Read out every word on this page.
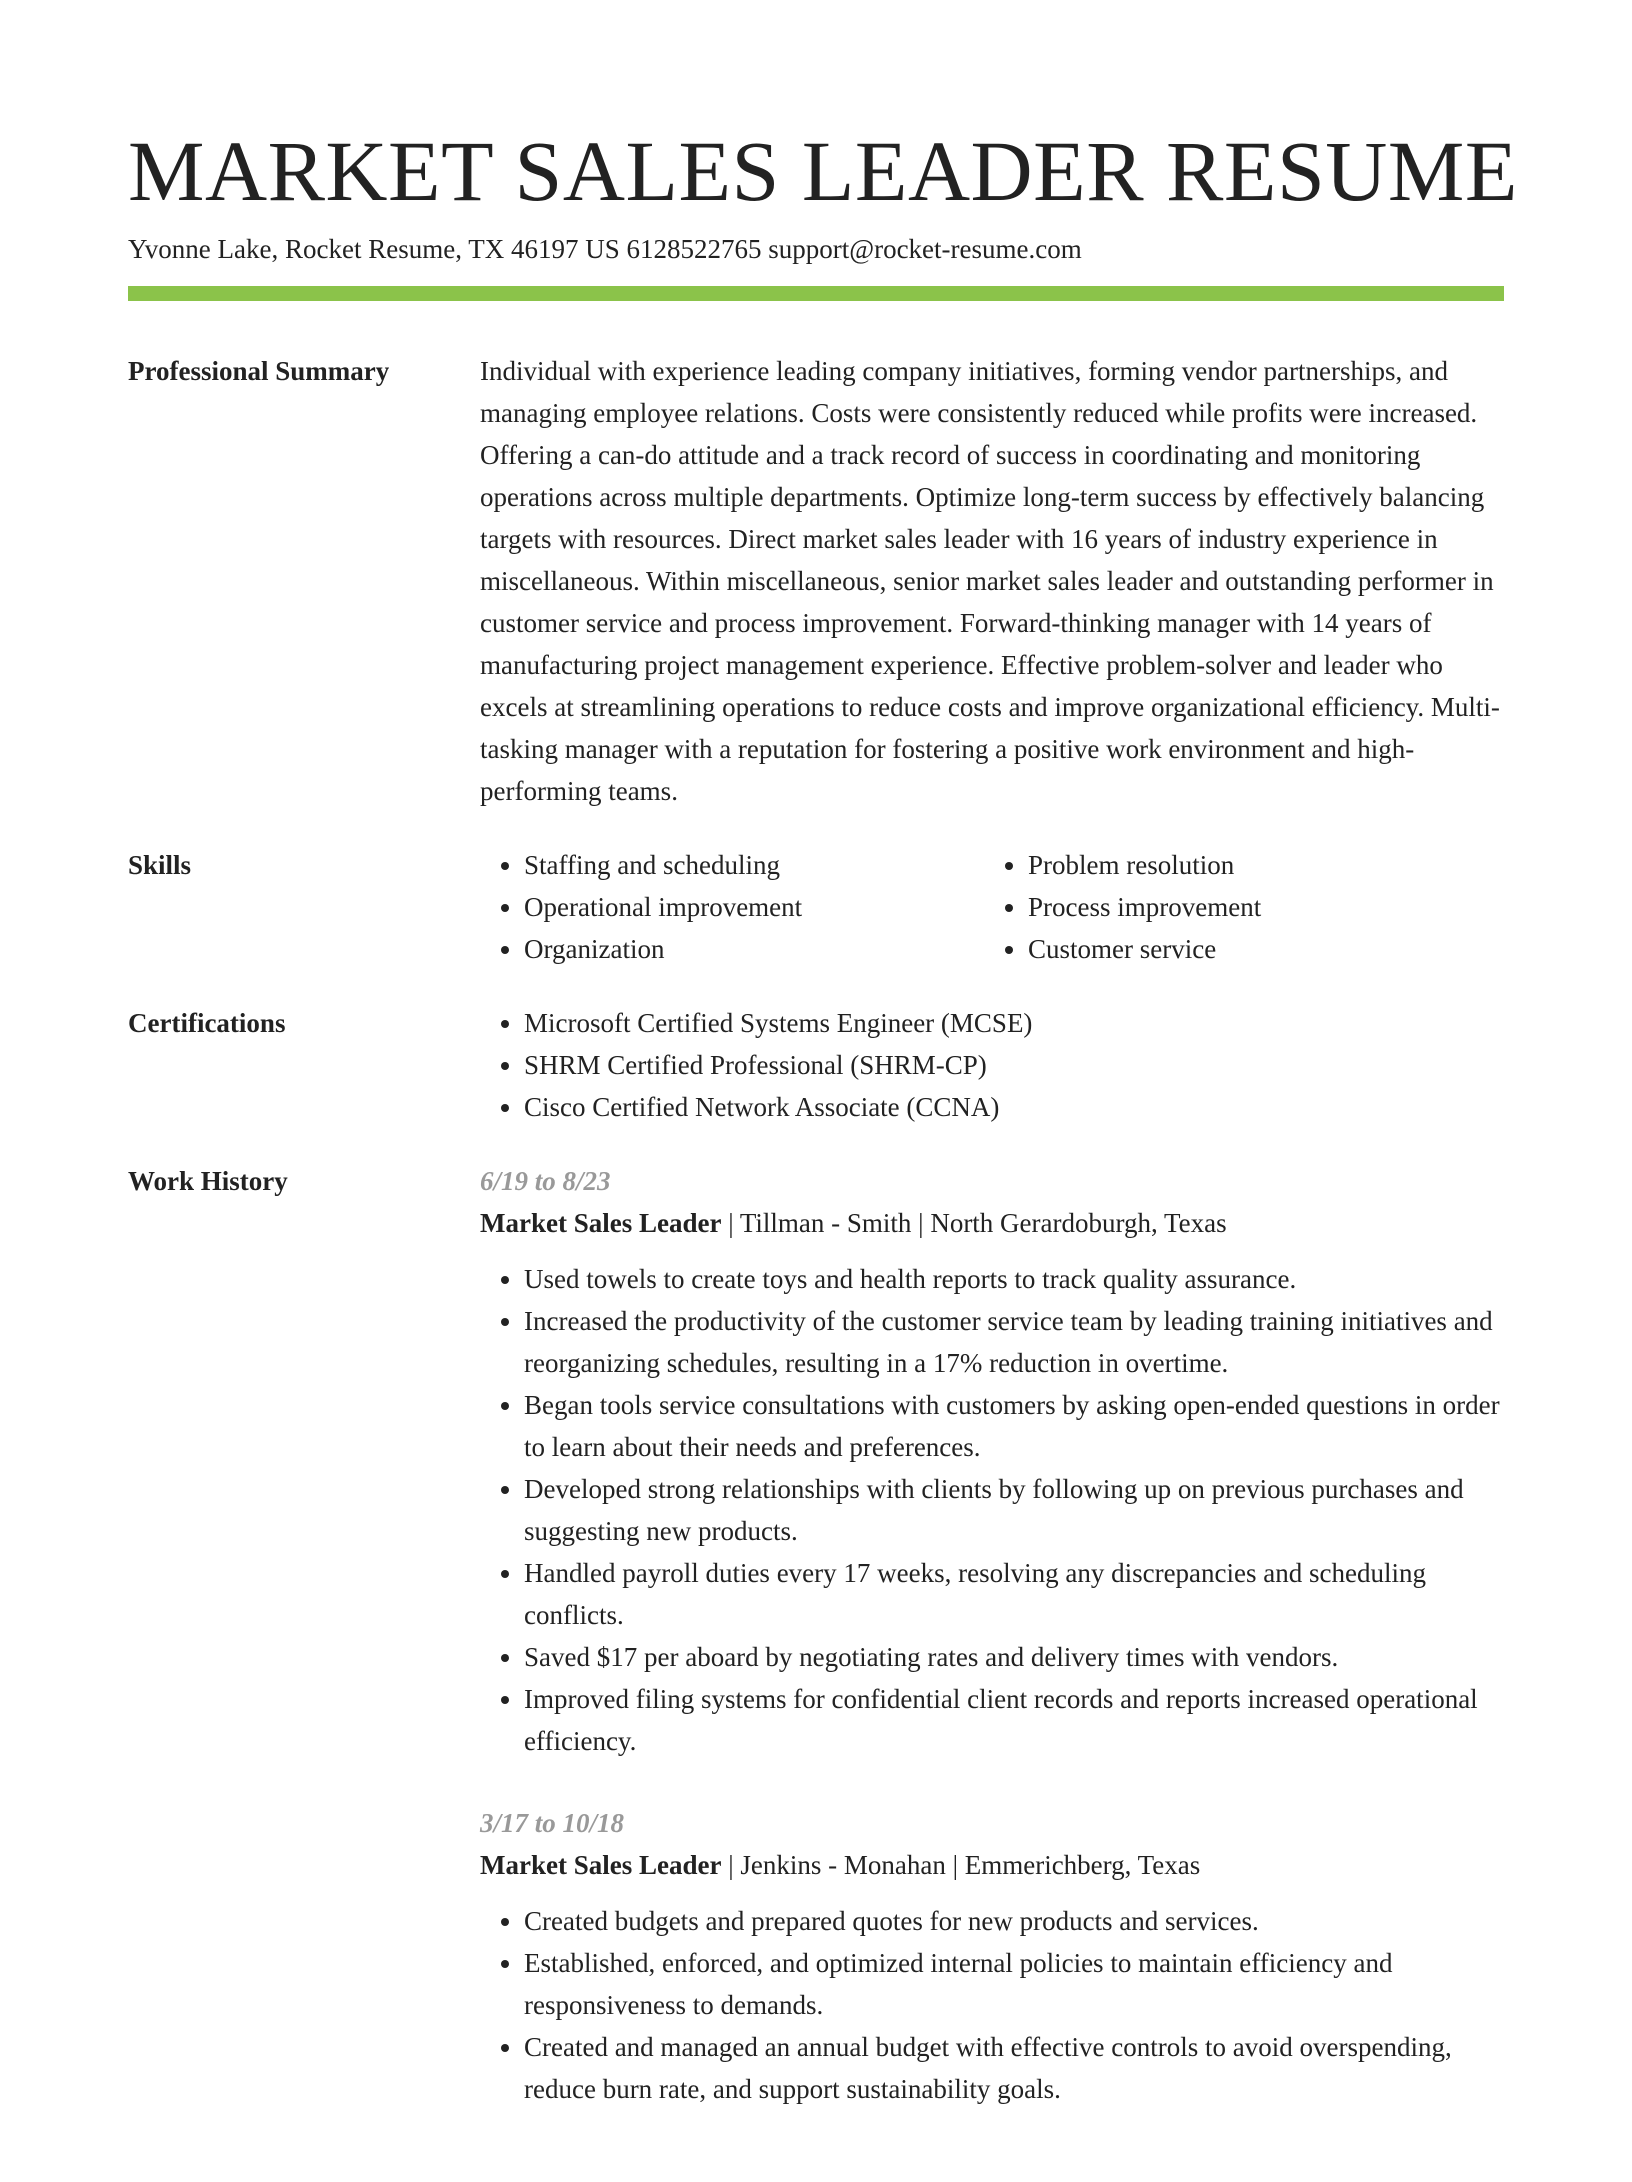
MARKET SALES LEADER RESUME
Yvonne Lake, Rocket Resume, TX 46197 US 6128522765 support@rocket-resume.com
Professional Summary	Individual with experience leading company initiatives, forming vendor partnerships, and managing employee relations. Costs were consistently reduced while profits were increased. Offering a can-do attitude and a track record of success in coordinating and monitoring operations across multiple departments. Optimize long-term success by effectively balancing targets with resources. Direct market sales leader with 16 years of industry experience in miscellaneous. Within miscellaneous, senior market sales leader and outstanding performer in customer service and process improvement. Forward-thinking manager with 14 years of manufacturing project management experience. Effective problem-solver and leader who excels at streamlining operations to reduce costs and improve organizational efficiency. Multi-tasking manager with a reputation for fostering a positive work environment and high-performing teams.

Skills	• Staffing and scheduling
• Operational improvement
• Organization
• Problem resolution
• Process improvement
• Customer service
Certifications	• Microsoft Certified Systems Engineer (MCSE)
• SHRM Certified Professional (SHRM-CP)
• Cisco Certified Network Associate (CCNA)
Work History	6/19 to 8/23
Market Sales Leader | Tillman - Smith | North Gerardoburgh, Texas
• Used towels to create toys and health reports to track quality assurance.
• Increased the productivity of the customer service team by leading training initiatives and reorganizing schedules, resulting in a 17% reduction in overtime.
• Began tools service consultations with customers by asking open-ended questions in order to learn about their needs and preferences.
• Developed strong relationships with clients by following up on previous purchases and suggesting new products.
• Handled payroll duties every 17 weeks, resolving any discrepancies and scheduling conflicts.
• Saved $17 per aboard by negotiating rates and delivery times with vendors.
• Improved filing systems for confidential client records and reports increased operational efficiency.
3/17 to 10/18
Market Sales Leader | Jenkins - Monahan | Emmerichberg, Texas
• Created budgets and prepared quotes for new products and services.
• Established, enforced, and optimized internal policies to maintain efficiency and responsiveness to demands.
• Created and managed an annual budget with effective controls to avoid overspending, reduce burn rate, and support sustainability goals.
